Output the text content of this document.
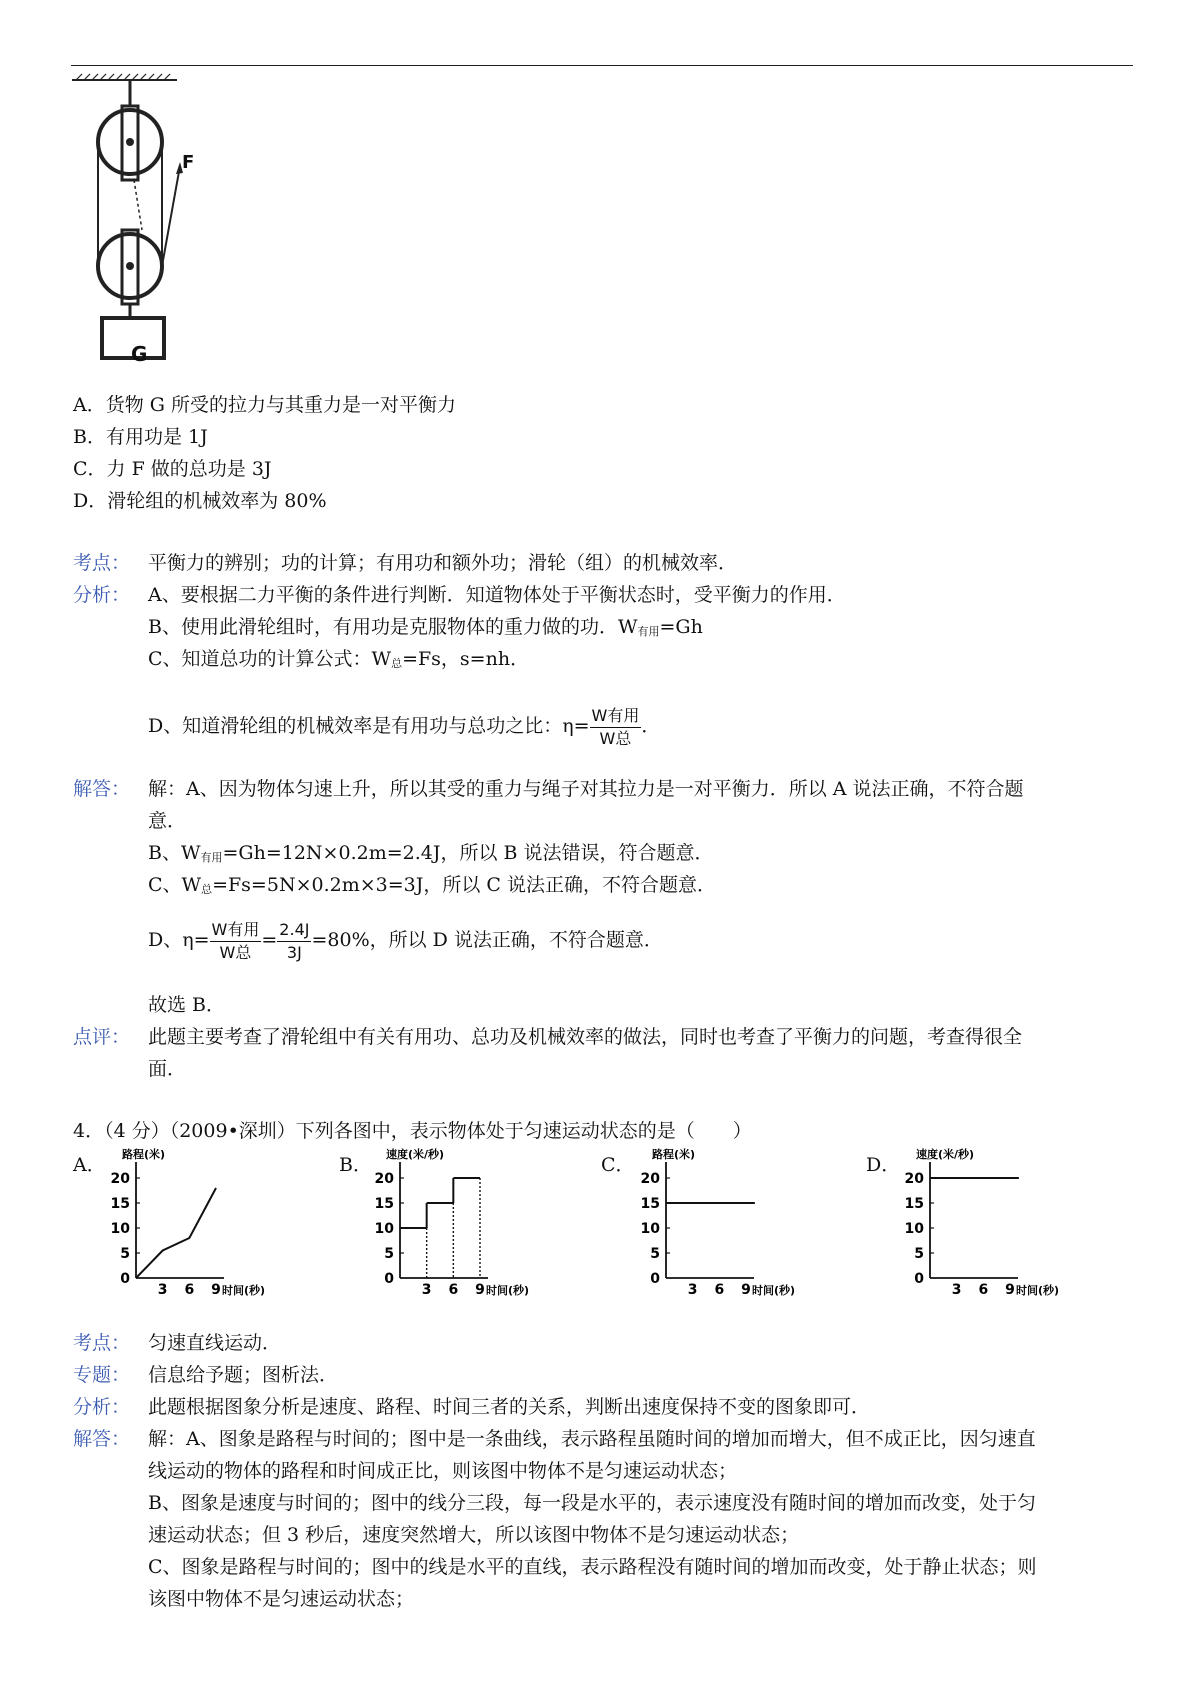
F
G
A．货物 G 所受的拉力与其重力是一对平衡力
B．有用功是 1J
C．力 F 做的总功是 3J
D．滑轮组的机械效率为 80%
考点： 平衡力的辨别；功的计算；有用功和额外功；滑轮（组）的机械效率．
分析： A、要根据二力平衡的条件进行判断．知道物体处于平衡状态时，受平衡力的作用．
B、使用此滑轮组时，有用功是克服物体的重力做的功．$W_{有用}=Gh$
C、知道总功的计算公式：$W_总=Fs$，s=nh．
D、知道滑轮组的机械效率是有用功与总功之比：$\eta= \frac{\text{W有用}}{\text{W总}}$ ．
解答： 解：A、因为物体匀速上升，所以其受的重力与绳子对其拉力是一对平衡力．所以 A 说法正确，不符合题
意．
B、$W_{有用}=Gh=12N\times 0.2m=2.4J$，所以 B 说法错误，符合题意．
C、$W_总=Fs=5N\times 0.2m\times 3=3J$，所以 C 说法正确，不符合题意．
D、$\eta= \frac{\text{W有用}}{\text{W总}} = \frac{2.4J}{3J} =80\%$，所以 D 说法正确，不符合题意．
故选 B．
点评： 此题主要考查了滑轮组中有关有用功、总功及机械效率的做法，同时也考查了平衡力的问题，考查得很全
面．
4．（4 分）（2009•深圳）下列各图中，表示物体处于匀速运动状态的是（　　）
A． 路程(米)
0
5
10
15
20
3 6 9 时间(秒)
B． 速度(米/秒)
0
5
10
15
20
3 6 9 时间(秒)
C． 路程(米)
0
5
10
15
20
3 6 9 时间(秒)
D． 速度(米/秒)
0
5
10
15
20
3 6 9 时间(秒)
考点： 匀速直线运动．
专题： 信息给予题；图析法．
分析： 此题根据图象分析是速度、路程、时间三者的关系，判断出速度保持不变的图象即可．
解答： 解：A、图象是路程与时间的；图中是一条曲线，表示路程虽随时间的增加而增大，但不成正比，因匀速直
线运动的物体的路程和时间成正比，则该图中物体不是匀速运动状态；
B、图象是速度与时间的；图中的线分三段，每一段是水平的，表示速度没有随时间的增加而改变，处于匀
速运动状态；但 3 秒后，速度突然增大，所以该图中物体不是匀速运动状态；
C、图象是路程与时间的；图中的线是水平的直线，表示路程没有随时间的增加而改变，处于静止状态；则
该图中物体不是匀速运动状态；
